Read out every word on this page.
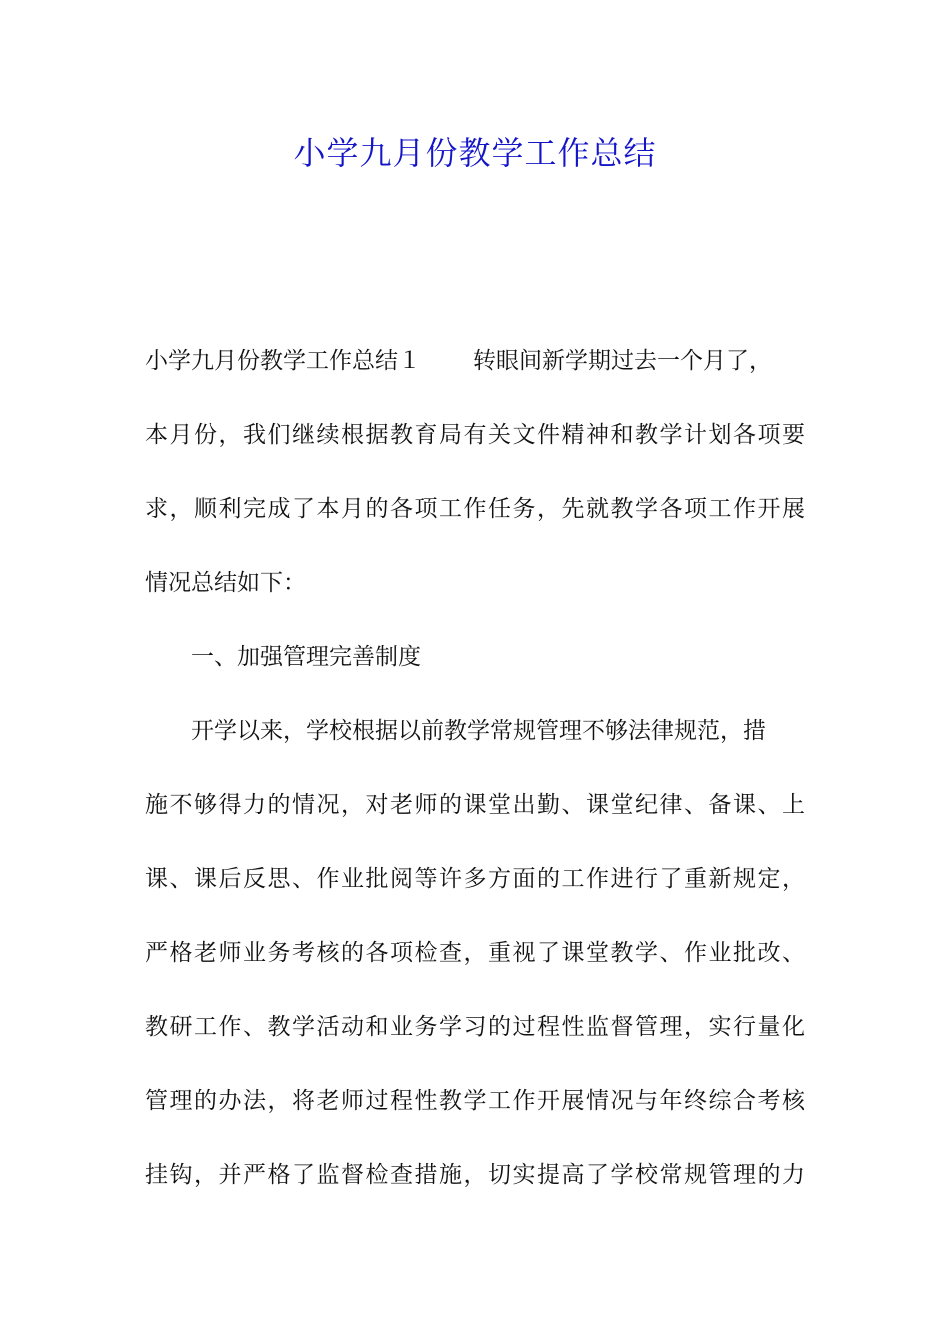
小学九月份教学工作总结
小学九月份教学工作总结１ 转眼间新学期过去一个月了，
本月份，我们继续根据教育局有关文件精神和教学计划各项要
求，顺利完成了本月的各项工作任务，先就教学各项工作开展
情况总结如下：
一、加强管理完善制度
开学以来，学校根据以前教学常规管理不够法律规范，措
施不够得力的情况，对老师的课堂出勤、课堂纪律、备课、上
课、课后反思、作业批阅等许多方面的工作进行了重新规定，
严格老师业务考核的各项检查，重视了课堂教学、作业批改、
教研工作、教学活动和业务学习的过程性监督管理，实行量化
管理的办法，将老师过程性教学工作开展情况与年终综合考核
挂钩，并严格了监督检查措施，切实提高了学校常规管理的力
